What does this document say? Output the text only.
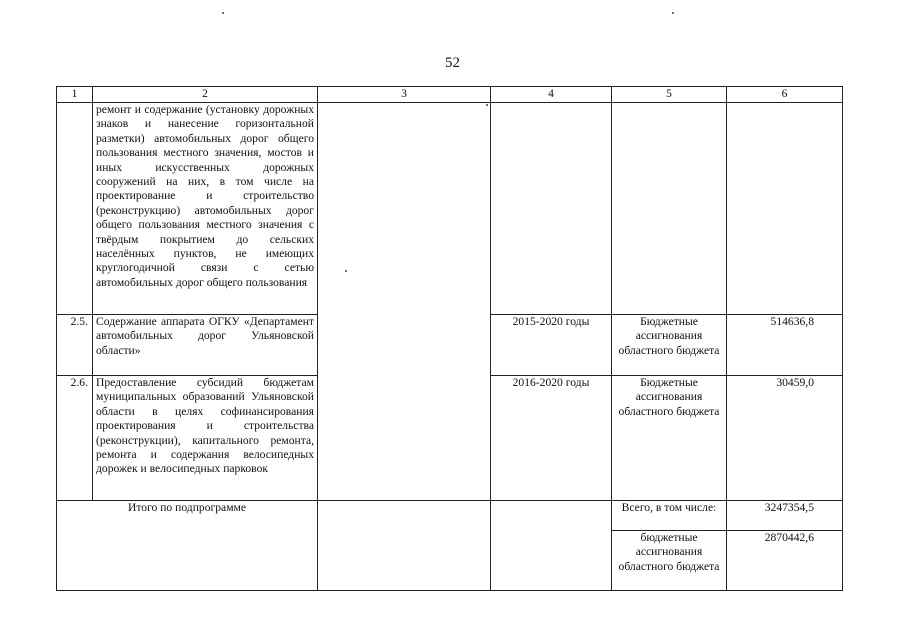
52
1	2	3	4	5	6
	ремонт и содержание (установку дорожных знаков и нанесение горизонтальной разметки) автомобильных дорог общего пользования местного значения, мостов и иных искусственных дорожных сооружений на них, в том числе на проектирование и строительство (реконструкцию) автомобильных дорог общего пользования местного значения с твёрдым покрытием до сельских населённых пунктов, не имеющих круглогодичной связи с сетью автомобильных дорог общего пользования				
2.5.	Содержание аппарата ОГКУ «Департамент автомобильных дорог Ульяновской области»		2015-2020 годы	Бюджетные ассигнования областного бюджета	514636,8
2.6.	Предоставление субсидий бюджетам муниципальных образований Ульяновской области в целях софинансирования проектирования и строительства (реконструкции), капитального ремонта, ремонта и содержания велосипедных дорожек и велосипедных парковок		2016-2020 годы	Бюджетные ассигнования областного бюджета	30459,0
Итого по подпрограмме				Всего, в том числе:	3247354,5
				бюджетные ассигнования областного бюджета	2870442,6
